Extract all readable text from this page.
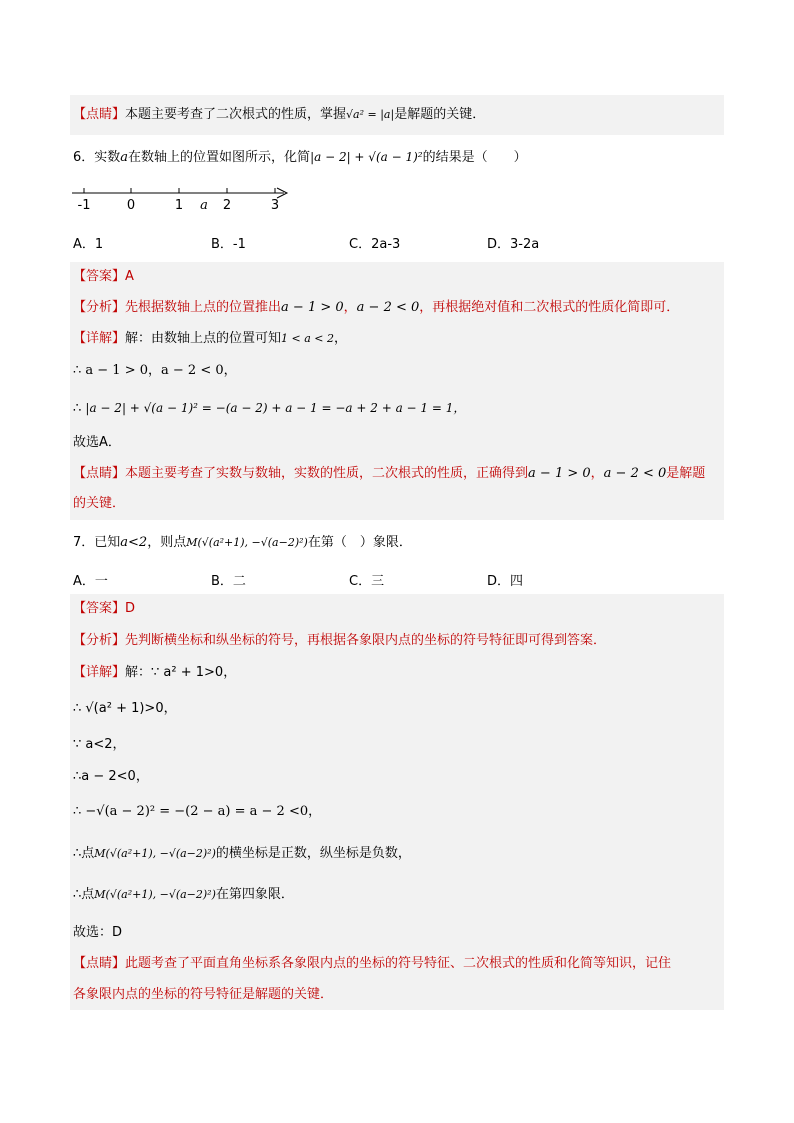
【点睛】本题主要考查了二次根式的性质，掌握√a² = |a|是解题的关键．
6．实数a在数轴上的位置如图所示，化简|a − 2| + √(a − 1)²的结果是（　　）
-1	0	1 a 2	3
A．1	B．-1	C．2a-3	D．3-2a
【答案】A
【分析】先根据数轴上点的位置推出a − 1 > 0，a − 2 < 0，再根据绝对值和二次根式的性质化简即可．
【详解】解：由数轴上点的位置可知1 < a < 2，
∴ a − 1 > 0，a − 2 < 0，
∴ |a − 2| + √(a − 1)² = −(a − 2) + a − 1 = −a + 2 + a − 1 = 1，
故选A．
【点睛】本题主要考查了实数与数轴，实数的性质，二次根式的性质，正确得到a − 1 > 0，a − 2 < 0是解题
的关键．
7．已知a<2，则点M(√(a²+1), −√(a−2)²)在第（　）象限．
A．一	B．二	C．三	D．四
【答案】D
【分析】先判断横坐标和纵坐标的符号，再根据各象限内点的坐标的符号特征即可得到答案．
【详解】解：∵ a² + 1>0，
∴ √(a² + 1)>0，
∵ a<2，
∴a − 2<0，
∴ −√(a − 2)² = −(2 − a) = a − 2 <0，
∴点M(√(a²+1), −√(a−2)²)的横坐标是正数，纵坐标是负数，
∴点M(√(a²+1), −√(a−2)²)在第四象限．
故选：D
【点睛】此题考查了平面直角坐标系各象限内点的坐标的符号特征、二次根式的性质和化简等知识，记住
各象限内点的坐标的符号特征是解题的关键．
